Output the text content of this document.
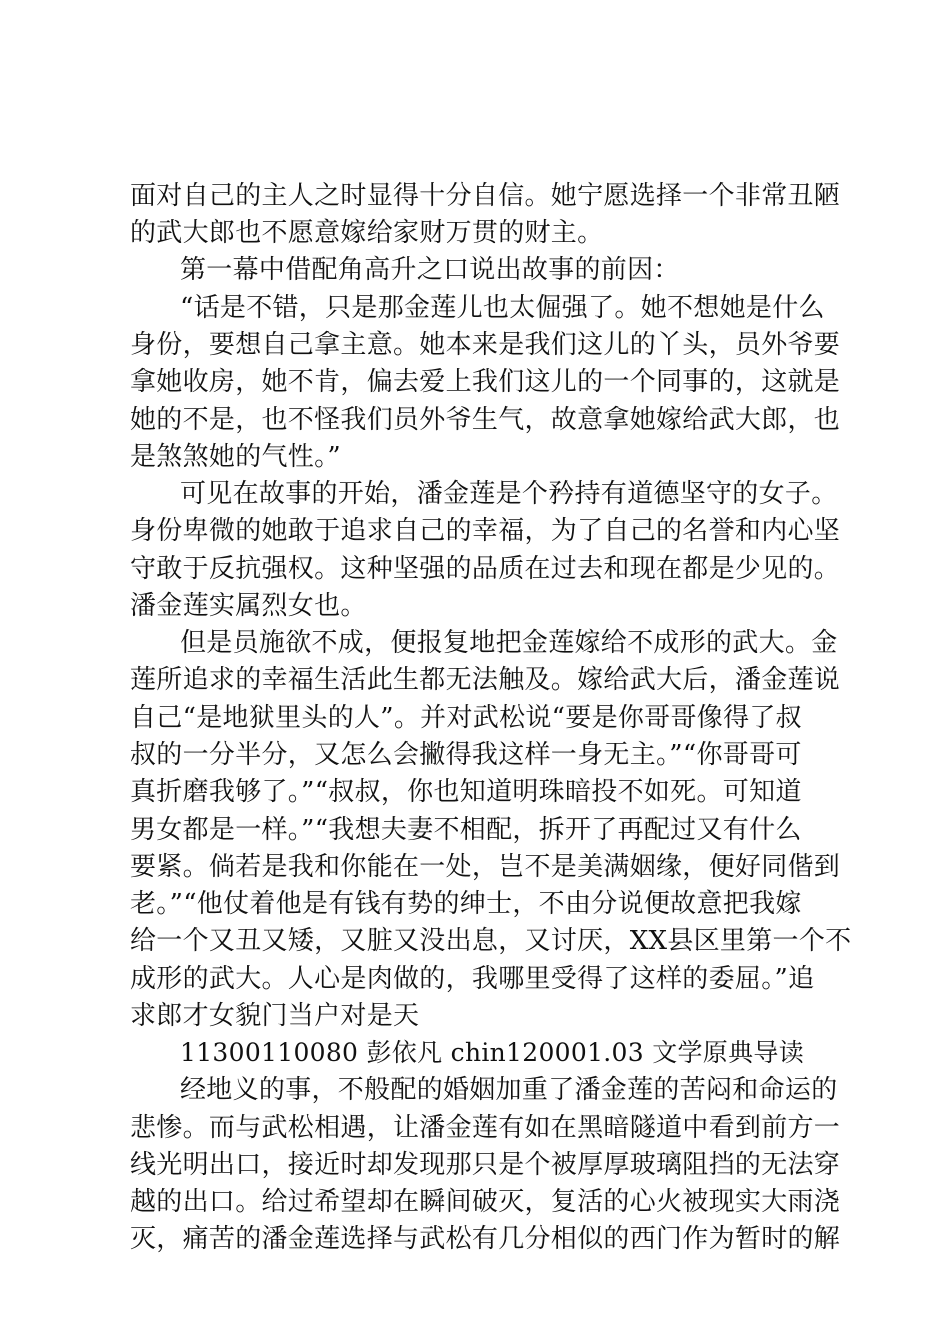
面对自己的主人之时显得十分自信。她宁愿选择一个非常丑陋
的武大郎也不愿意嫁给家财万贯的财主。
第一幕中借配角高升之口说出故事的前因：
“话是不错，只是那金莲儿也太倔强了。她不想她是什么
身份，要想自己拿主意。她本来是我们这儿的丫头，员外爷要
拿她收房，她不肯，偏去爱上我们这儿的一个同事的，这就是
她的不是，也不怪我们员外爷生气，故意拿她嫁给武大郎，也
是煞煞她的气性。”
可见在故事的开始，潘金莲是个矜持有道德坚守的女子。
身份卑微的她敢于追求自己的幸福，为了自己的名誉和内心坚
守敢于反抗强权。这种坚强的品质在过去和现在都是少见的。
潘金莲实属烈女也。
但是员施欲不成，便报复地把金莲嫁给不成形的武大。金
莲所追求的幸福生活此生都无法触及。嫁给武大后，潘金莲说
自己“是地狱里头的人”。并对武松说“要是你哥哥像得了叔
叔的一分半分，又怎么会撇得我这样一身无主。”“你哥哥可
真折磨我够了。”“叔叔，你也知道明珠暗投不如死。可知道
男女都是一样。”“我想夫妻不相配，拆开了再配过又有什么
要紧。倘若是我和你能在一处，岂不是美满姻缘，便好同偕到
老。”“他仗着他是有钱有势的绅士，不由分说便故意把我嫁
给一个又丑又矮，又脏又没出息，又讨厌，XX县区里第一个不
成形的武大。人心是肉做的，我哪里受得了这样的委屈。”追
求郎才女貌门当户对是天
11300110080 彭依凡 chin120001.03 文学原典导读
经地义的事，不般配的婚姻加重了潘金莲的苦闷和命运的
悲惨。而与武松相遇，让潘金莲有如在黑暗隧道中看到前方一
线光明出口，接近时却发现那只是个被厚厚玻璃阻挡的无法穿
越的出口。给过希望却在瞬间破灭，复活的心火被现实大雨浇
灭，痛苦的潘金莲选择与武松有几分相似的西门作为暂时的解
